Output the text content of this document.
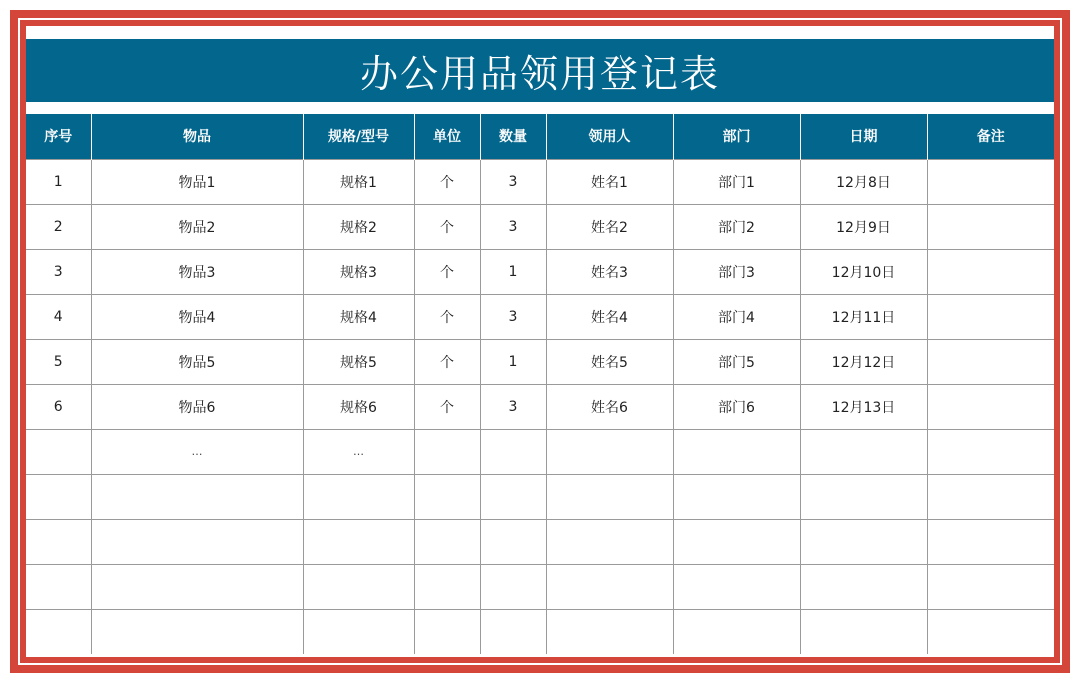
办公用品领用登记表
序号	物品	规格/型号	单位	数量	领用人	部门	日期	备注
1	物品1	规格1	个	3	姓名1	部门1	12月8日	
2	物品2	规格2	个	3	姓名2	部门2	12月9日	
3	物品3	规格3	个	1	姓名3	部门3	12月10日	
4	物品4	规格4	个	3	姓名4	部门4	12月11日	
5	物品5	规格5	个	1	姓名5	部门5	12月12日	
6	物品6	规格6	个	3	姓名6	部门6	12月13日	
	…	…						
